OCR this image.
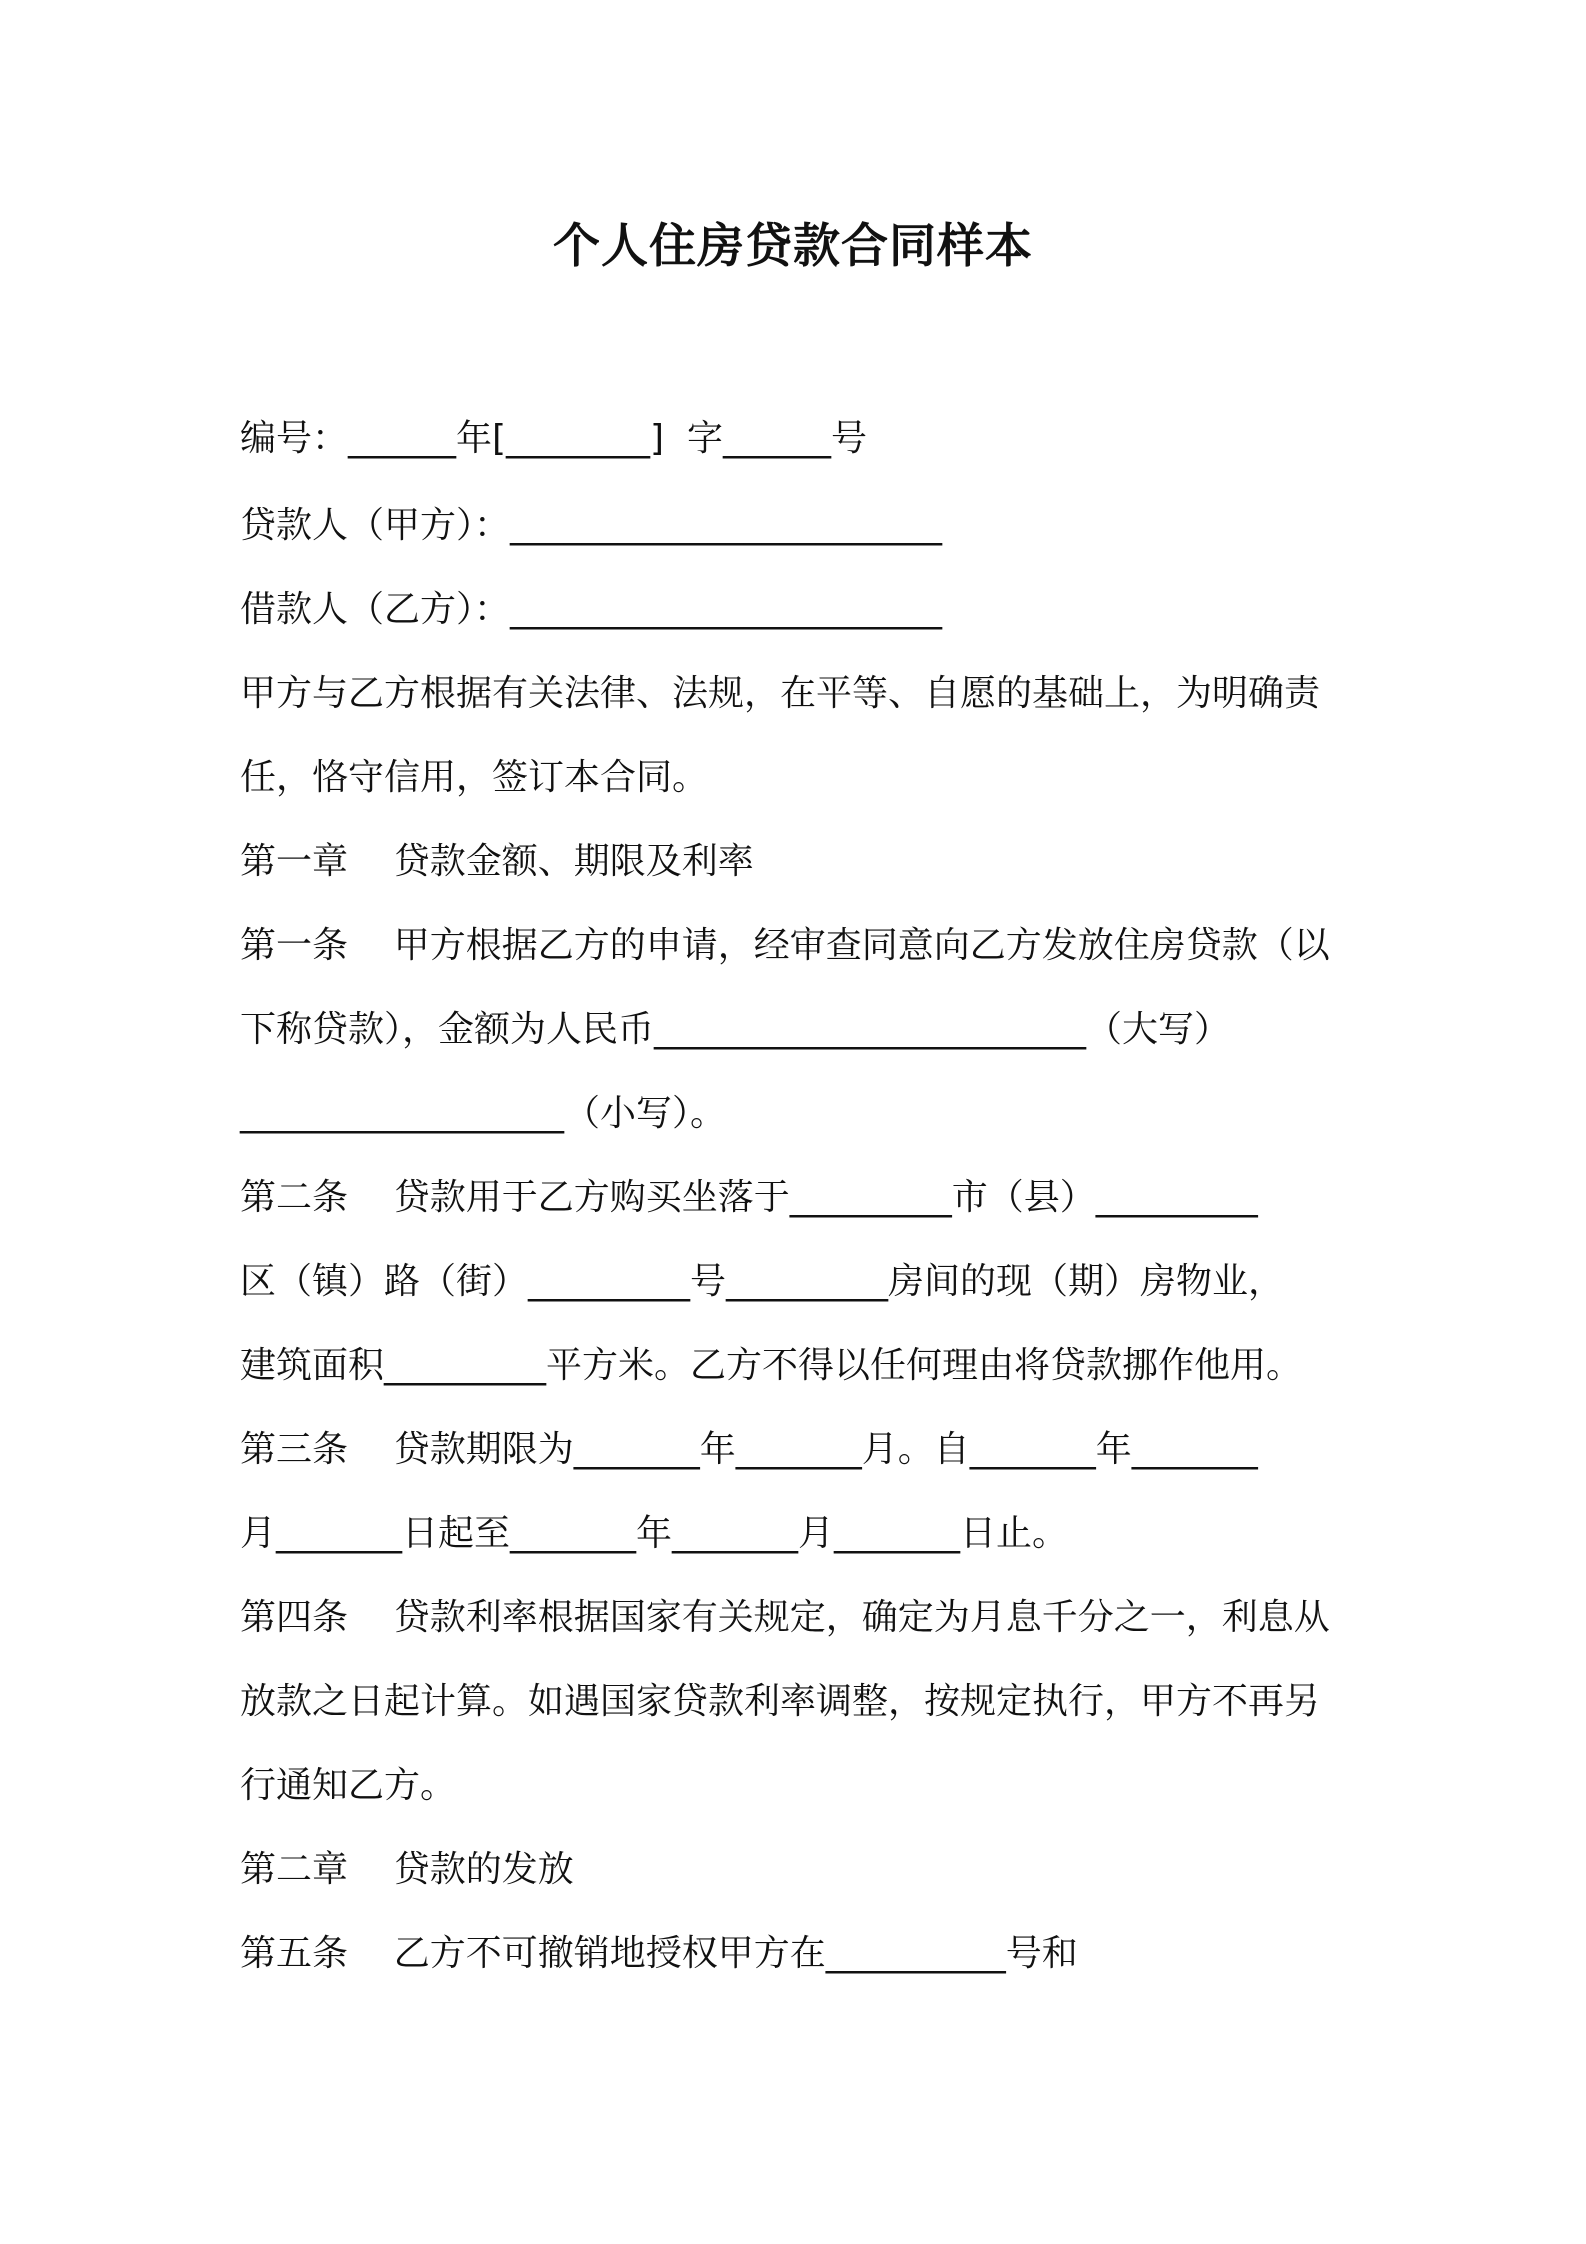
个人住房贷款合同样本
编号：______年[________]  字______号
贷款人（甲方）：________________________
借款人（乙方）：________________________
甲方与乙方根据有关法律、法规，在平等、自愿的基础上，为明确责
任，恪守信用，签订本合同。
第一章    贷款金额、期限及利率
第一条    甲方根据乙方的申请，经审查同意向乙方发放住房贷款（以
下称贷款），金额为人民币________________________（大写）
__________________（小写）。
第二条    贷款用于乙方购买坐落于_________市（县）_________
区（镇）路（街）_________号_________房间的现（期）房物业，
建筑面积_________平方米。乙方不得以任何理由将贷款挪作他用。
第三条    贷款期限为_______年_______月。自_______年_______
月_______日起至_______年_______月_______日止。
第四条    贷款利率根据国家有关规定，确定为月息千分之一，利息从
放款之日起计算。如遇国家贷款利率调整，按规定执行，甲方不再另
行通知乙方。
第二章    贷款的发放
第五条    乙方不可撤销地授权甲方在__________号和
